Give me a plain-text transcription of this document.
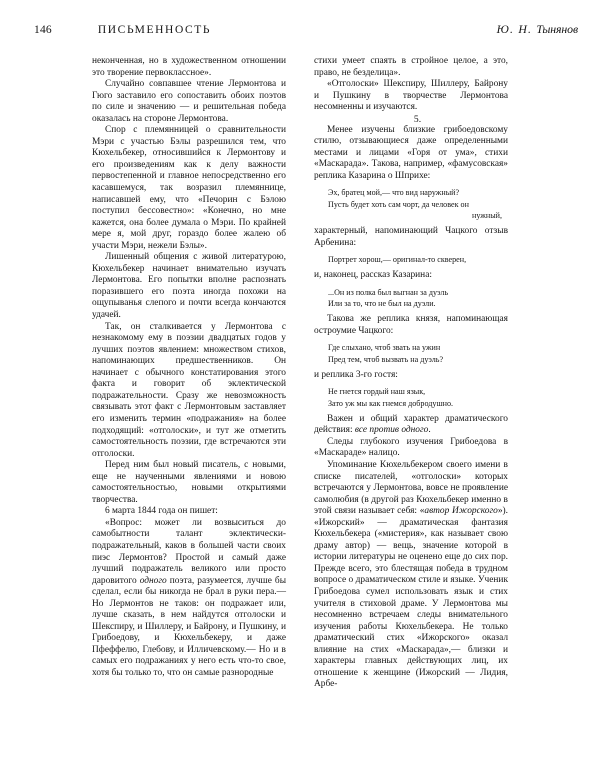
146	ПИСЬМЕННОСТЬ	Ю. Н. Тынянов

неконченная, но в художественном отношении это творение первоклассное».

Случайно совпавшее чтение Лермонтова и Гюго заставило его сопоставить обоих поэтов по силе и значению — и решительная победа оказалась на стороне Лермонтова.

Спор с племянницей о сравнительности Мэри с участью Бэлы разрешился тем, что Кюхельбекер, относившийся к Лермонтову и его произведениям как к делу важности первостепенной и главное непосредственно его касавшемуся, так возразил племяннице, написавшей ему, что «Печорин с Бэлою поступил бессовестно»: «Конечно, но мне кажется, она более думала о Мэри. По крайней мере я, мой друг, гораздо более жалею об участи Мэри, нежели Бэлы».

Лишенный общения с живой литературою, Кюхельбекер начинает внимательно изучать Лермонтова. Его попытки вполне распознать поразившего его поэта иногда похожи на ощупыванья слепого и почти всегда кончаются удачей.

Так, он сталкивается у Лермонтова с незнакомому ему в поэзии двадцатых годов у лучших поэтов явлением: множеством стихов, напоминающих предшественников. Он начинает с обычного констатирования этого факта и говорит об эклектической подражательности. Сразу же невозможность связывать этот факт с Лермонтовым заставляет его изменить термин «подражания» на более подходящий: «отголоски», и тут же отметить самостоятельность поэзии, где встречаются эти отголоски.

Перед ним был новый писатель, с новыми, еще не наученными явлениями и новою самостоятельностью, новыми открытиями творчества.

6 марта 1844 года он пишет:

«Вопрос: может ли возвыситься до самобытности талант эклектически-подражательный, каков в большей части своих пиэс Лермонтов? Простой и самый даже лучший подражатель великого или просто даровитого одного поэта, разумеется, лучше бы сделал, если бы никогда не брал в руки пера.— Но Лермонтов не таков: он подражает или, лучше сказать, в нем найдутся отголоски и Шекспиру, и Шиллеру, и Байрону, и Пушкину, и Грибоедову, и Кюхельбекеру, и даже Пфеффелю, Глебову, и Илличевскому.— Но и в самых его подражаниях у него есть что-то свое, хотя бы только то, что он самые разнородные

стихи умеет спаять в стройное целое, а это, право, не безделица».

«Отголоски» Шекспиру, Шиллеру, Байрону и Пушкину в творчестве Лермонтова несомненны и изучаются.

5.

Менее изучены близкие грибоедовскому стилю, отзывающиеся даже определенными местами и лицами «Горя от ума», стихи «Маскарада». Такова, например, «фамусовская» реплика Казарина о Шприхе:

Эх, братец мой,— что вид наружный?
Пусть будет хоть сам чорт, да человек он
нужный,

характерный, напоминающий Чацкого отзыв Арбенина:

Портрет хорош,— оригинал-то скверен,

и, наконец, рассказ Казарина:

...Он из полка был выгнан за дуэль
Или за то, что не был на дуэли.

Такова же реплика князя, напоминающая остроумие Чацкого:

Где слыхано, чтоб звать на ужин
Пред тем, чтоб вызвать на дуэль?

и реплика 3-го гостя:

Не гнется гордый наш язык,
Зато уж мы как гнемся добродушно.

Важен и общий характер драматического действия: все против одного.

Следы глубокого изучения Грибоедова в «Маскараде» налицо.

Упоминание Кюхельбекером своего имени в списке писателей, «отголоски» которых встречаются у Лермонтова, вовсе не проявление самолюбия (в другой раз Кюхельбекер именно в этой связи называет себя: «автор Ижорского»). «Ижорский» — драматическая фантазия Кюхельбекера («мистерия», как называет свою драму автор) — вещь, значение которой в истории литературы не оценено еще до сих пор. Прежде всего, это блестящая победа в трудном вопросе о драматическом стиле и языке. Ученик Грибоедова сумел использовать язык и стих учителя в стиховой драме. У Лермонтова мы несомненно встречаем следы внимательного изучения работы Кюхельбекера. Не только драматический стих «Ижорского» оказал влияние на стих «Маскарада»,— близки и характеры главных действующих лиц, их отношение к женщине (Ижорский — Лидия, Арбе-
